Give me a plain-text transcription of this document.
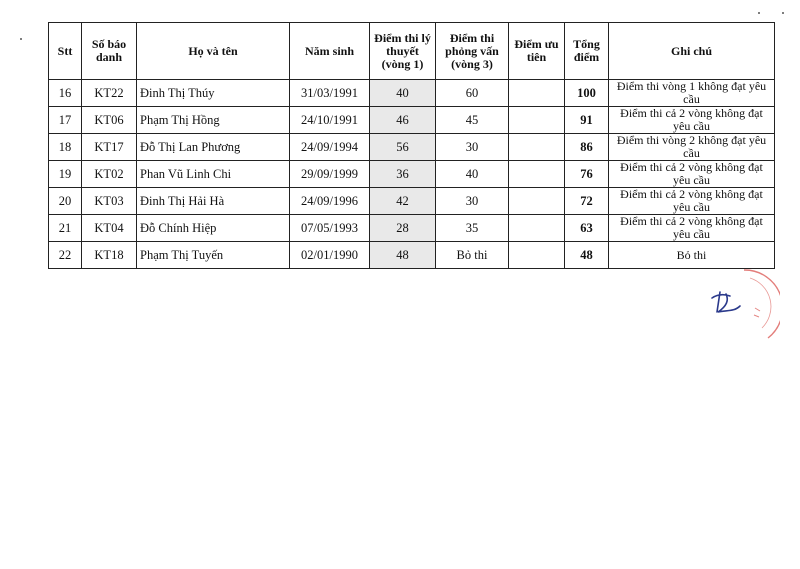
Stt	Số báo danh	Họ và tên	Năm sinh	Điểm thi lý thuyết (vòng 1)	Điểm thi phỏng vấn (vòng 3)	Điểm ưu tiên	Tổng điểm	Ghi chú
16	KT22	Đinh Thị Thúy	31/03/1991	40	60		100	Điểm thi vòng 1 không đạt yêu cầu
17	KT06	Phạm Thị Hồng	24/10/1991	46	45		91	Điểm thi cả 2 vòng không đạt yêu cầu
18	KT17	Đỗ Thị Lan Phương	24/09/1994	56	30		86	Điểm thi vòng 2 không đạt yêu cầu
19	KT02	Phan Vũ Linh Chi	29/09/1999	36	40		76	Điểm thi cả 2 vòng không đạt yêu cầu
20	KT03	Đinh Thị Hải Hà	24/09/1996	42	30		72	Điểm thi cả 2 vòng không đạt yêu cầu
21	KT04	Đỗ Chính Hiệp	07/05/1993	28	35		63	Điểm thi cả 2 vòng không đạt yêu cầu
22	KT18	Phạm Thị Tuyến	02/01/1990	48	Bỏ thi		48	Bỏ thi
